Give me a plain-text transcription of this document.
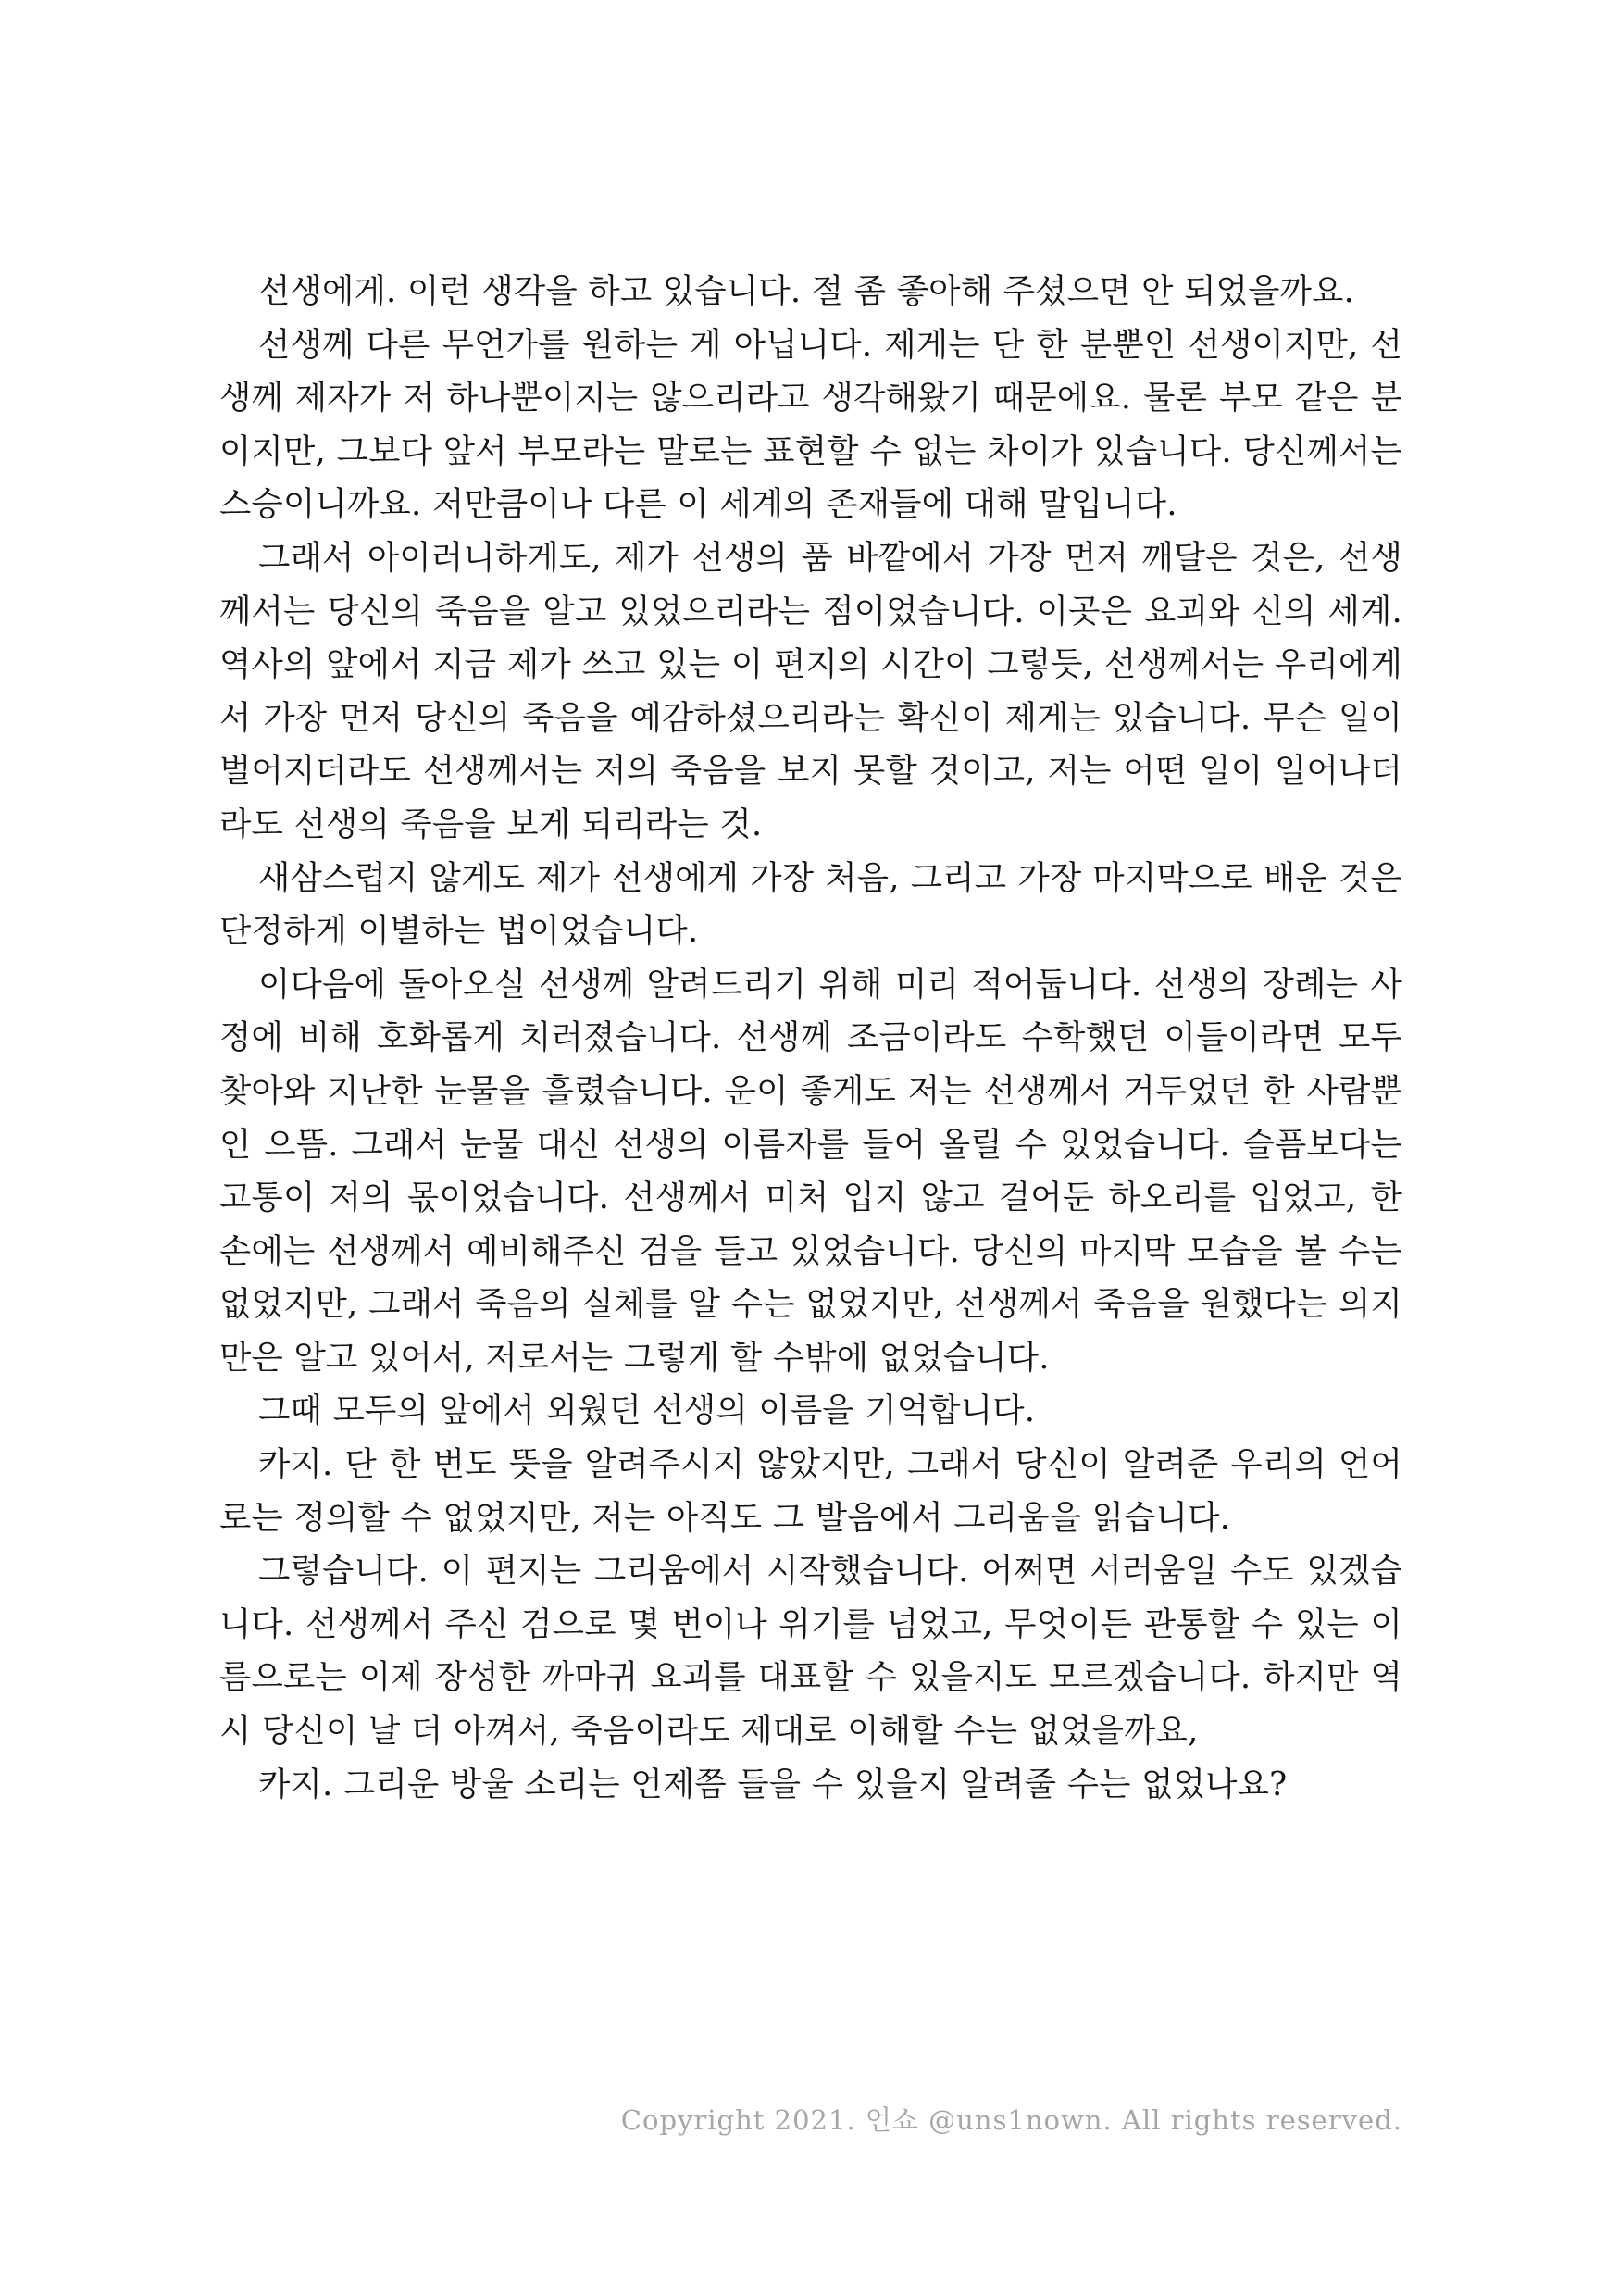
선생에게. 이런 생각을 하고 있습니다. 절 좀 좋아해 주셨으면 안 되었을까요.

선생께 다른 무언가를 원하는 게 아닙니다. 제게는 단 한 분뿐인 선생이지만, 선생께 제자가 저 하나뿐이지는 않으리라고 생각해왔기 때문에요. 물론 부모 같은 분이지만, 그보다 앞서 부모라는 말로는 표현할 수 없는 차이가 있습니다. 당신께서는 스승이니까요. 저만큼이나 다른 이 세계의 존재들에 대해 말입니다.

그래서 아이러니하게도, 제가 선생의 품 바깥에서 가장 먼저 깨달은 것은, 선생께서는 당신의 죽음을 알고 있었으리라는 점이었습니다. 이곳은 요괴와 신의 세계. 역사의 앞에서 지금 제가 쓰고 있는 이 편지의 시간이 그렇듯, 선생께서는 우리에게서 가장 먼저 당신의 죽음을 예감하셨으리라는 확신이 제게는 있습니다. 무슨 일이 벌어지더라도 선생께서는 저의 죽음을 보지 못할 것이고, 저는 어떤 일이 일어나더라도 선생의 죽음을 보게 되리라는 것.

새삼스럽지 않게도 제가 선생에게 가장 처음, 그리고 가장 마지막으로 배운 것은 단정하게 이별하는 법이었습니다.

이다음에 돌아오실 선생께 알려드리기 위해 미리 적어둡니다. 선생의 장례는 사정에 비해 호화롭게 치러졌습니다. 선생께 조금이라도 수학했던 이들이라면 모두 찾아와 지난한 눈물을 흘렸습니다. 운이 좋게도 저는 선생께서 거두었던 한 사람뿐인 으뜸. 그래서 눈물 대신 선생의 이름자를 들어 올릴 수 있었습니다. 슬픔보다는 고통이 저의 몫이었습니다. 선생께서 미처 입지 않고 걸어둔 하오리를 입었고, 한 손에는 선생께서 예비해주신 검을 들고 있었습니다. 당신의 마지막 모습을 볼 수는 없었지만, 그래서 죽음의 실체를 알 수는 없었지만, 선생께서 죽음을 원했다는 의지만은 알고 있어서, 저로서는 그렇게 할 수밖에 없었습니다.

그때 모두의 앞에서 외웠던 선생의 이름을 기억합니다.

카지. 단 한 번도 뜻을 알려주시지 않았지만, 그래서 당신이 알려준 우리의 언어로는 정의할 수 없었지만, 저는 아직도 그 발음에서 그리움을 읽습니다.

그렇습니다. 이 편지는 그리움에서 시작했습니다. 어쩌면 서러움일 수도 있겠습니다. 선생께서 주신 검으로 몇 번이나 위기를 넘었고, 무엇이든 관통할 수 있는 이름으로는 이제 장성한 까마귀 요괴를 대표할 수 있을지도 모르겠습니다. 하지만 역시 당신이 날 더 아껴서, 죽음이라도 제대로 이해할 수는 없었을까요,

카지. 그리운 방울 소리는 언제쯤 들을 수 있을지 알려줄 수는 없었나요?

Copyright 2021. 언쇼 @uns1nown. All rights reserved.
